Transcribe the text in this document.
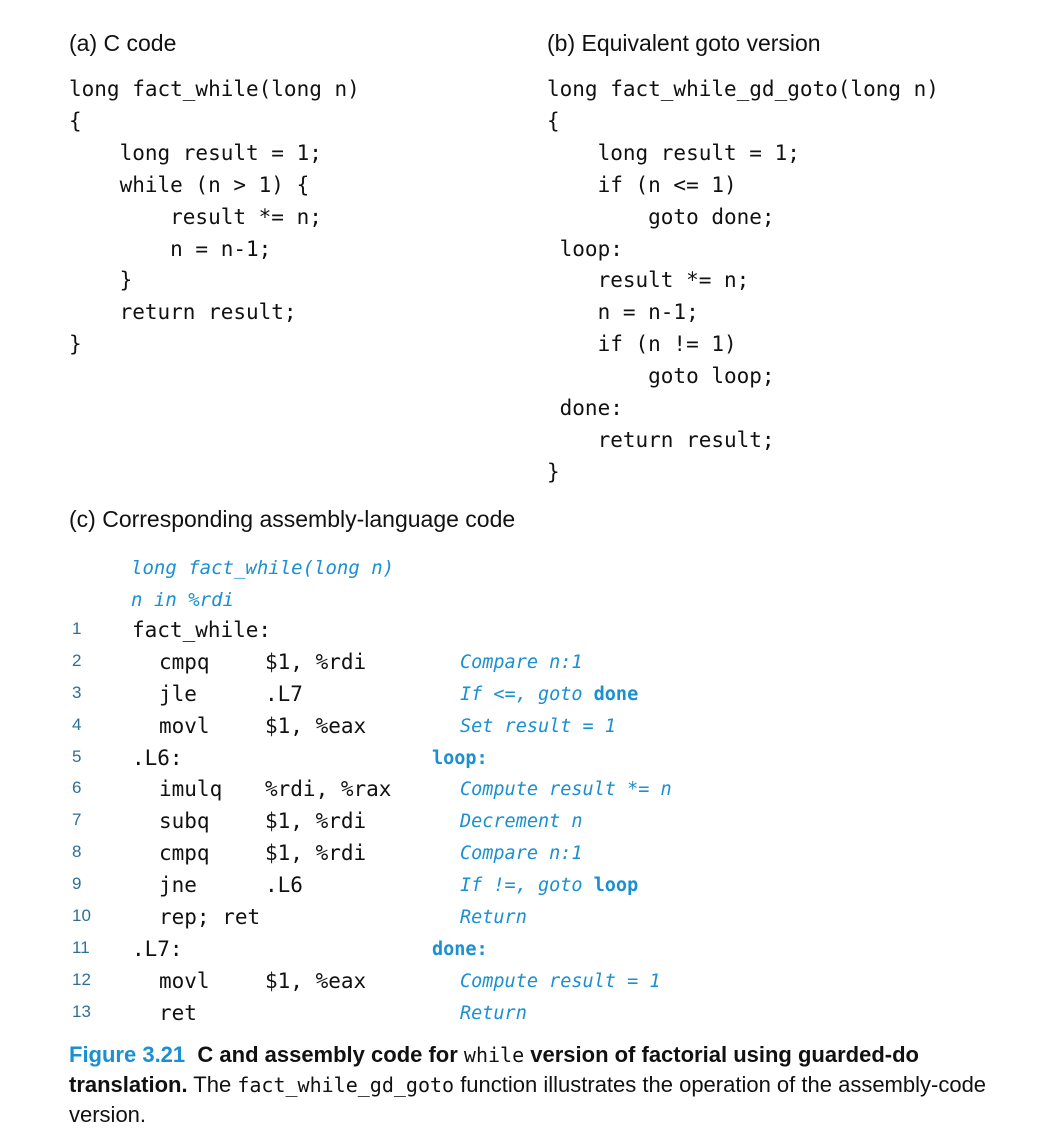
(a) C code
long fact_while(long n)
{
long result = 1;
while (n > 1) {
result *= n;
n = n-1;
}
return result;
}
(b) Equivalent goto version
long fact_while_gd_goto(long n)
{
long result = 1;
if (n <= 1)
goto done;
loop:
result *= n;
n = n-1;
if (n != 1)
goto loop;
done:
return result;
}
(c) Corresponding assembly-language code
long fact_while(long n)
n in %rdi
1	fact_while:
2	cmpq	$1, %rdi	Compare n:1
3	jle	.L7	If <=, goto done
4	movl	$1, %eax	Set result = 1
5	.L6:	loop:
6	imulq %rdi, %rax	Compute result *= n
7	subq	$1, %rdi	Decrement n
8	cmpq	$1, %rdi	Compare n:1
9	jne	.L6	If !=, goto loop
10	rep; ret	Return
11	.L7:	done:
12	movl	$1, %eax	Compute result = 1
13	ret	Return
Figure 3.21 C and assembly code for while version of factorial using guarded-do translation. The fact_while_gd_goto function illustrates the operation of the assembly-code version.
